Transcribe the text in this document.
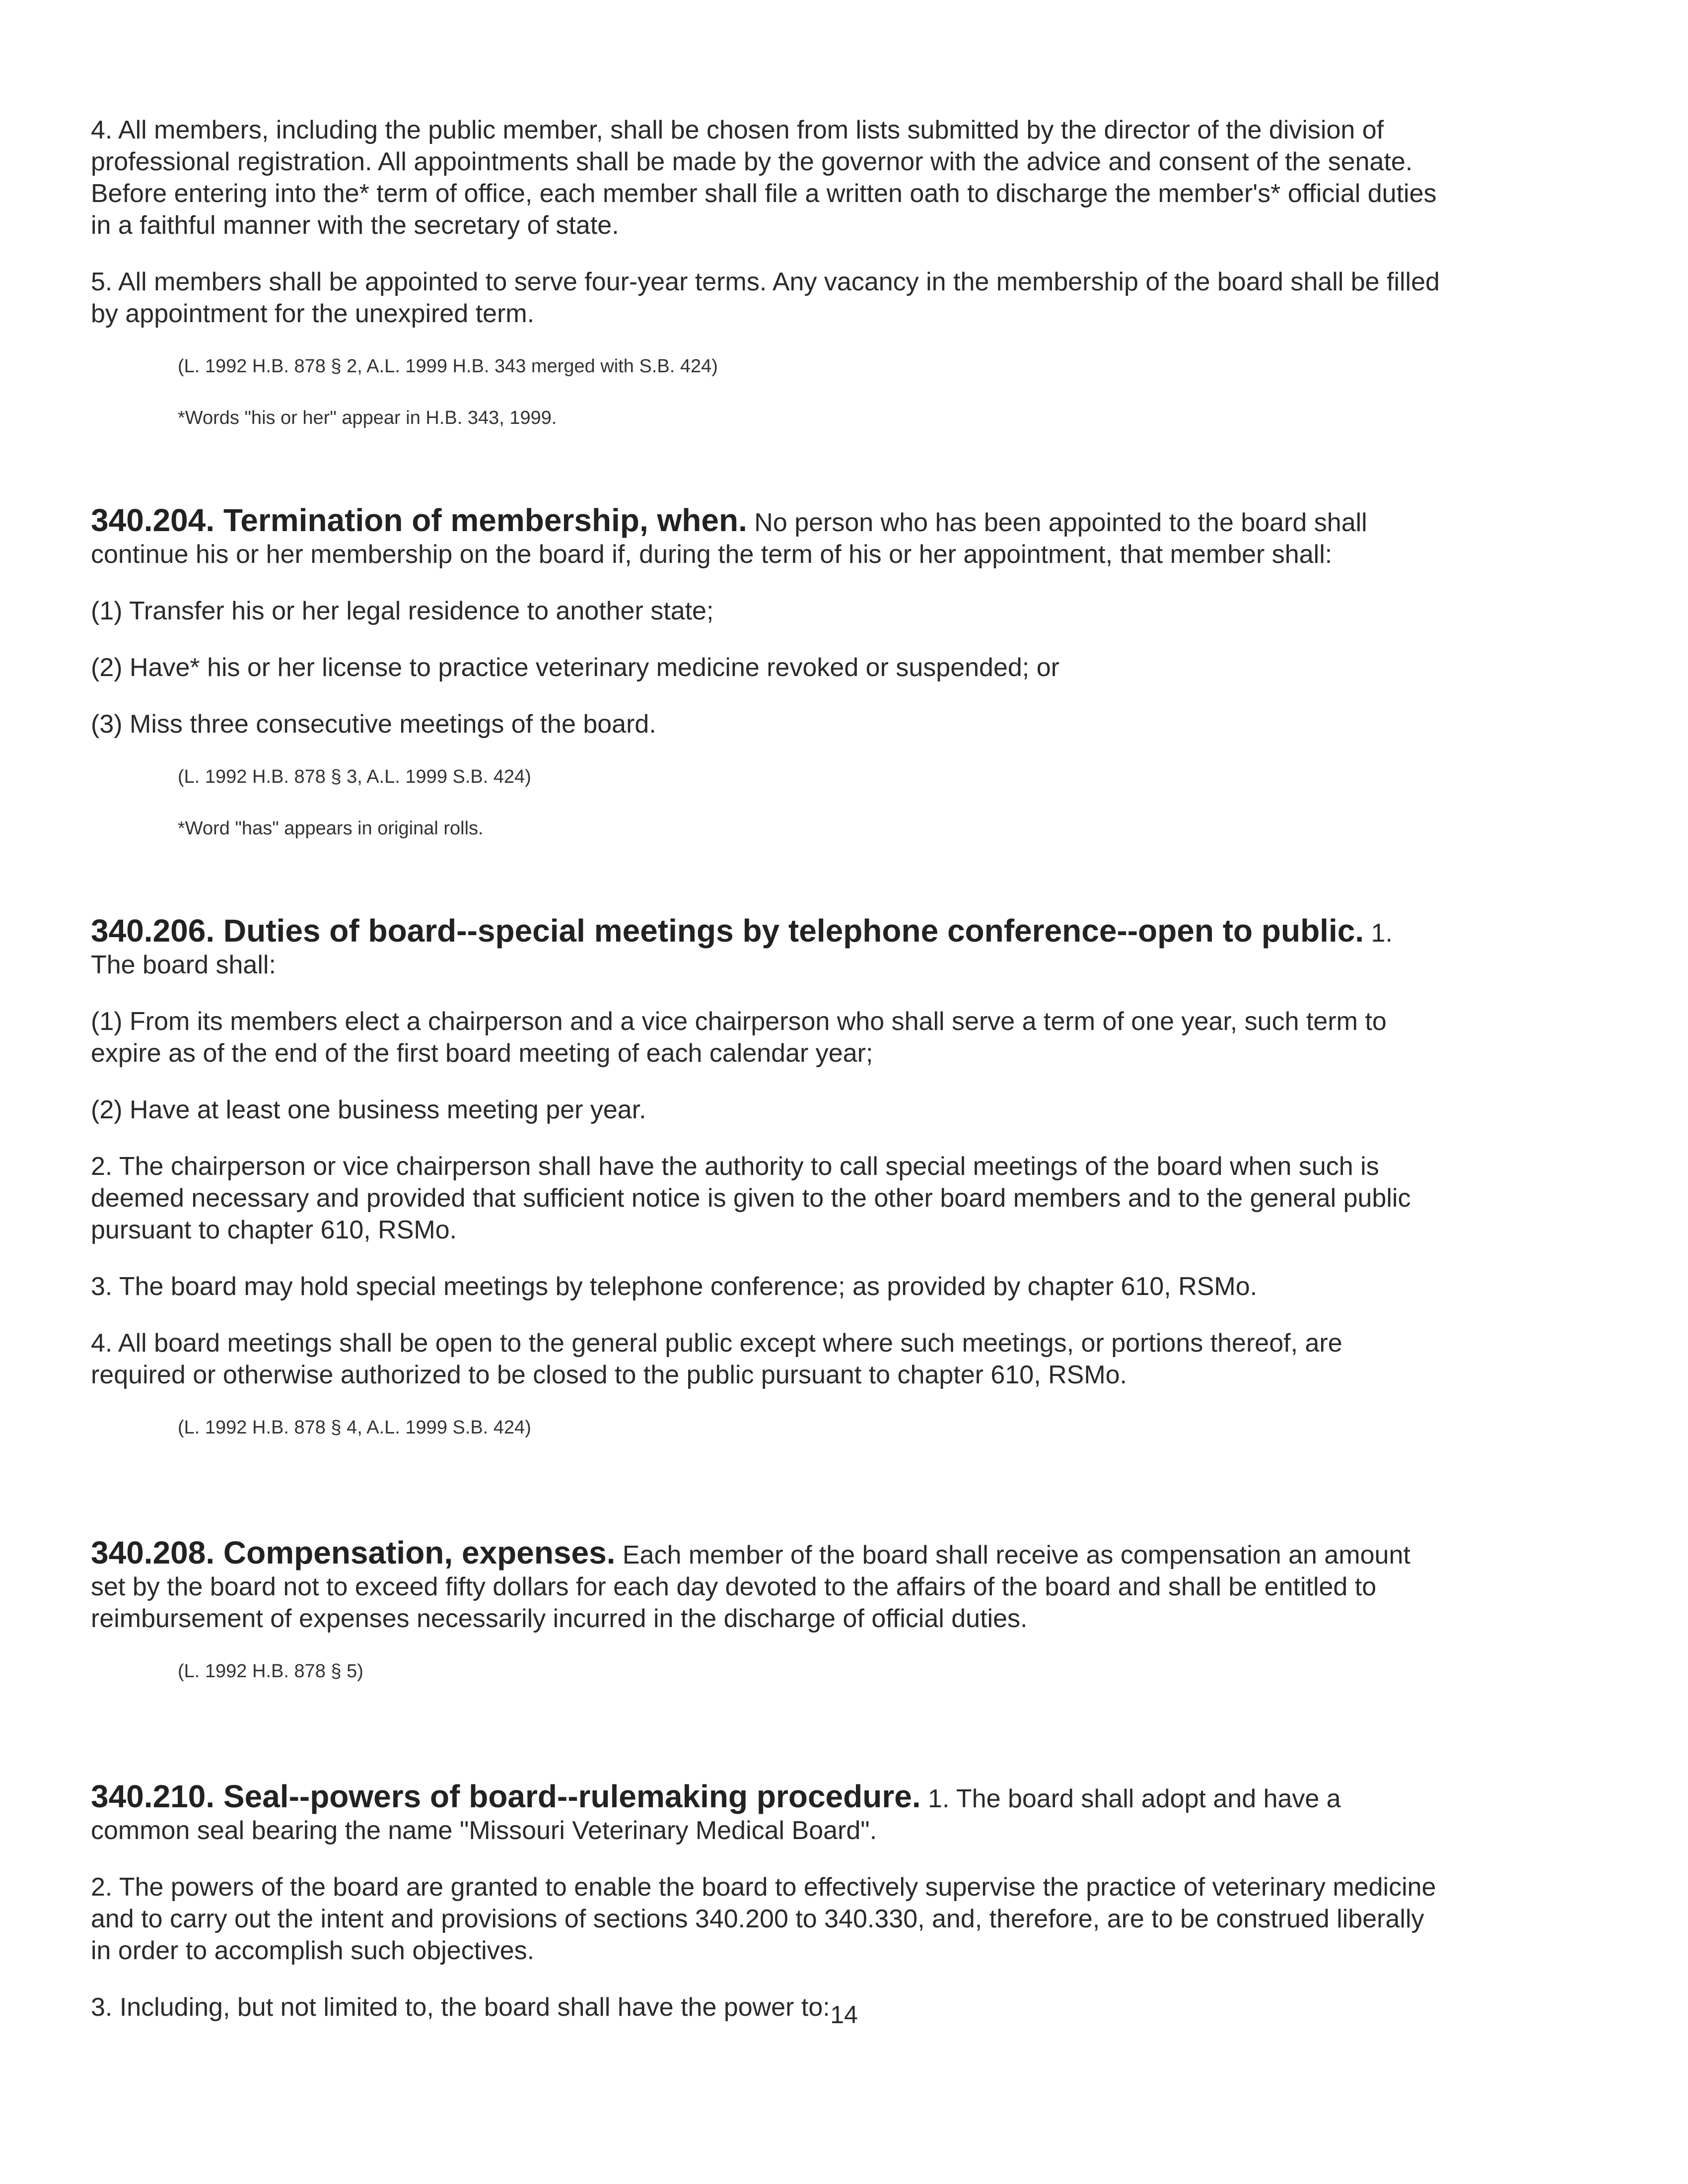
4. All members, including the public member, shall be chosen from lists submitted by the director of the division of professional registration. All appointments shall be made by the governor with the advice and consent of the senate. Before entering into the* term of office, each member shall file a written oath to discharge the member's* official duties in a faithful manner with the secretary of state.

5. All members shall be appointed to serve four-year terms. Any vacancy in the membership of the board shall be filled by appointment for the unexpired term.

(L. 1992 H.B. 878 § 2, A.L. 1999 H.B. 343 merged with S.B. 424)

*Words "his or her" appear in H.B. 343, 1999.

340.204. Termination of membership, when. No person who has been appointed to the board shall continue his or her membership on the board if, during the term of his or her appointment, that member shall:

(1) Transfer his or her legal residence to another state;

(2) Have* his or her license to practice veterinary medicine revoked or suspended; or

(3) Miss three consecutive meetings of the board.

(L. 1992 H.B. 878 § 3, A.L. 1999 S.B. 424)

*Word "has" appears in original rolls.

340.206. Duties of board--special meetings by telephone conference--open to public. 1. The board shall:

(1) From its members elect a chairperson and a vice chairperson who shall serve a term of one year, such term to expire as of the end of the first board meeting of each calendar year;

(2) Have at least one business meeting per year.

2. The chairperson or vice chairperson shall have the authority to call special meetings of the board when such is deemed necessary and provided that sufficient notice is given to the other board members and to the general public pursuant to chapter 610, RSMo.

3. The board may hold special meetings by telephone conference; as provided by chapter 610, RSMo.

4. All board meetings shall be open to the general public except where such meetings, or portions thereof, are required or otherwise authorized to be closed to the public pursuant to chapter 610, RSMo.

(L. 1992 H.B. 878 § 4, A.L. 1999 S.B. 424)

340.208. Compensation, expenses. Each member of the board shall receive as compensation an amount set by the board not to exceed fifty dollars for each day devoted to the affairs of the board and shall be entitled to reimbursement of expenses necessarily incurred in the discharge of official duties.

(L. 1992 H.B. 878 § 5)

340.210. Seal--powers of board--rulemaking procedure. 1. The board shall adopt and have a common seal bearing the name "Missouri Veterinary Medical Board".

2. The powers of the board are granted to enable the board to effectively supervise the practice of veterinary medicine and to carry out the intent and provisions of sections 340.200 to 340.330, and, therefore, are to be construed liberally in order to accomplish such objectives.

3. Including, but not limited to, the board shall have the power to: 14
